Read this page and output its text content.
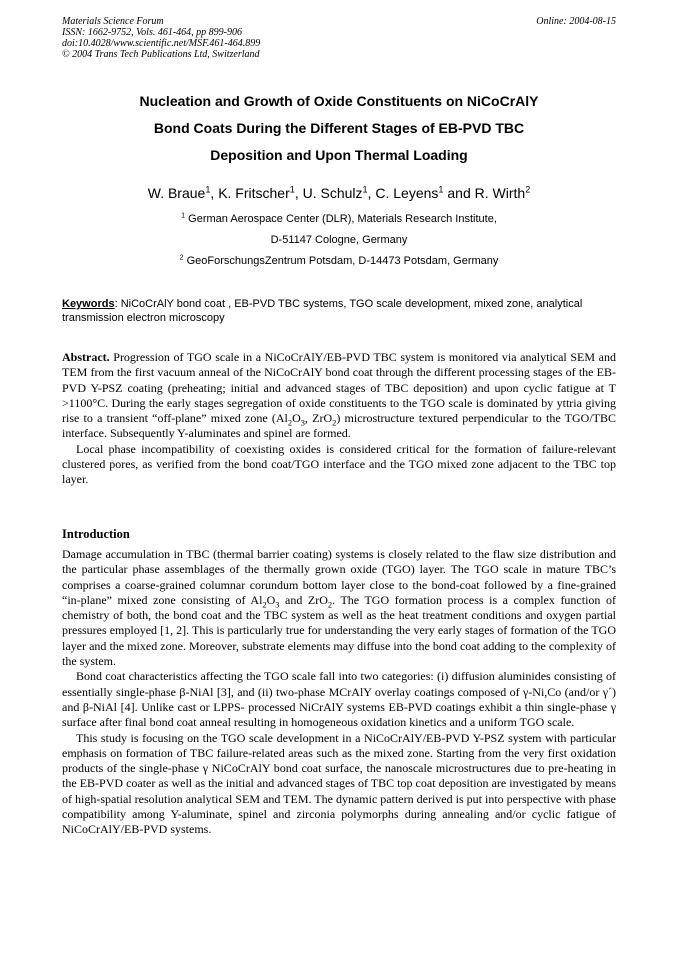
Materials Science Forum
ISSN: 1662-9752, Vols. 461-464, pp 899-906
doi:10.4028/www.scientific.net/MSF.461-464.899
© 2004 Trans Tech Publications Ltd, Switzerland
Online: 2004-08-15
Nucleation and Growth of Oxide Constituents on NiCoCrAlY
Bond Coats During the Different Stages of EB-PVD TBC
Deposition and Upon Thermal Loading
W. Braue$^1$, K. Fritscher$^1$, U. Schulz$^1$, C. Leyens$^1$ and R. Wirth$^2$
$^1$ German Aerospace Center (DLR), Materials Research Institute,
D-51147 Cologne, Germany
$^2$ GeoForschungsZentrum Potsdam, D-14473 Potsdam, Germany
Keywords: NiCoCrAlY bond coat , EB-PVD TBC systems, TGO scale development, mixed zone, analytical transmission electron microscopy

Abstract. Progression of TGO scale in a NiCoCrAlY/EB-PVD TBC system is monitored via analytical SEM and TEM from the first vacuum anneal of the NiCoCrAlY bond coat through the different processing stages of the EB-PVD Y-PSZ coating (preheating; initial and advanced stages of TBC deposition) and upon cyclic fatigue at T >1100°C. During the early stages segregation of oxide constituents to the TGO scale is dominated by yttria giving rise to a transient “off-plane” mixed zone ($Al_2O_3$, ZrO$_2$) microstructure textured perpendicular to the TGO/TBC interface. Subsequently Y-aluminates and spinel are formed.

Local phase incompatibility of coexisting oxides is considered critical for the formation of failure-relevant clustered pores, as verified from the bond coat/TGO interface and the TGO mixed zone adjacent to the TBC top layer.

Introduction

Damage accumulation in TBC (thermal barrier coating) systems is closely related to the flaw size distribution and the particular phase assemblages of the thermally grown oxide (TGO) layer. The TGO scale in mature TBC’s comprises a coarse-grained columnar corundum bottom layer close to the bond-coat followed by a fine-grained “in-plane” mixed zone consisting of $Al_2O_3$ and ZrO$_2$. The TGO formation process is a complex function of chemistry of both, the bond coat and the TBC system as well as the heat treatment conditions and oxygen partial pressures employed [1, 2]. This is particularly true for understanding the very early stages of formation of the TGO layer and the mixed zone. Moreover, substrate elements may diffuse into the bond coat adding to the complexity of the system.

Bond coat characteristics affecting the TGO scale fall into two categories: (i) diffusion aluminides consisting of essentially single-phase β-NiAl [3], and (ii) two-phase MCrAlY overlay coatings composed of γ-Ni,Co (and/or γ´) and β-NiAl [4]. Unlike cast or LPPS- processed NiCrAlY systems EB-PVD coatings exhibit a thin single-phase γ surface after final bond coat anneal resulting in homogeneous oxidation kinetics and a uniform TGO scale.

This study is focusing on the TGO scale development in a NiCoCrAlY/EB-PVD Y-PSZ system with particular emphasis on formation of TBC failure-related areas such as the mixed zone. Starting from the very first oxidation products of the single-phase γ NiCoCrAlY bond coat surface, the nanoscale microstructures due to pre-heating in the EB-PVD coater as well as the initial and advanced stages of TBC top coat deposition are investigated by means of high-spatial resolution analytical SEM and TEM. The dynamic pattern derived is put into perspective with phase compatibility among Y-aluminate, spinel and zirconia polymorphs during annealing and/or cyclic fatigue of NiCoCrAlY/EB-PVD systems.
